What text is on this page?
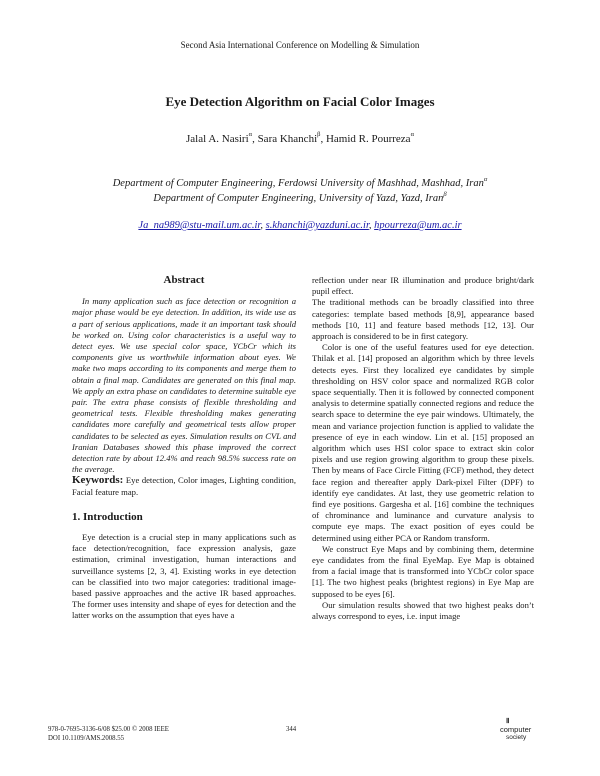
Second Asia International Conference on Modelling & Simulation
Eye Detection Algorithm on Facial Color Images
Jalal A. Nasiri$^\alpha$, Sara Khanchi$^\beta$, Hamid R. Pourreza$^\alpha$
Department of Computer Engineering, Ferdowsi University of Mashhad, Mashhad, Iran$^\alpha$
Department of Computer Engineering, University of Yazd, Yazd, Iran$^\beta$
Ja_na989@stu-mail.um.ac.ir, s.khanchi@yazduni.ac.ir, hpourreza@um.ac.ir
Abstract

In many application such as face detection or recognition a major phase would be eye detection. In addition, its wide use as a part of serious applications, made it an important task should be worked on. Using color characteristics is a useful way to detect eyes. We use special color space, YCbCr which its components give us worthwhile information about eyes. We make two maps according to its components and merge them to obtain a final map. Candidates are generated on this final map. We apply an extra phase on candidates to determine suitable eye pair. The extra phase consists of flexible thresholding and geometrical tests. Flexible thresholding makes generating candidates more carefully and geometrical tests allow proper candidates to be selected as eyes. Simulation results on CVL and Iranian Databases showed this phase improved the correct detection rate by about 12.4% and reach 98.5% success rate on the average.

Keywords: Eye detection, Color images, Lighting condition, Facial feature map.

1. Introduction

Eye detection is a crucial step in many applications such as face detection/recognition, face expression analysis, gaze estimation, criminal investigation, human interactions and surveillance systems [2, 3, 4]. Existing works in eye detection can be classified into two major categories: traditional image-based passive approaches and the active IR based approaches. The former uses intensity and shape of eyes for detection and the latter works on the assumption that eyes have a

reflection under near IR illumination and produce bright/dark pupil effect.

The traditional methods can be broadly classified into three categories: template based methods [8,9], appearance based methods [10, 11] and feature based methods [12, 13]. Our approach is considered to be in first category.

Color is one of the useful features used for eye detection. Thilak et al. [14] proposed an algorithm which by three levels detects eyes. First they localized eye candidates by simple thresholding on HSV color space and normalized RGB color space sequentially. Then it is followed by connected component analysis to determine spatially connected regions and reduce the search space to determine the eye pair windows. Ultimately, the mean and variance projection function is applied to validate the presence of eye in each window. Lin et al. [15] proposed an algorithm which uses HSI color space to extract skin color pixels and use region growing algorithm to group these pixels. Then by means of Face Circle Fitting (FCF) method, they detect face region and thereafter apply Dark-pixel Filter (DPF) to identify eye candidates. At last, they use geometric relation to find eye positions. Gargesha et al. [16] combine the techniques of chrominance and luminance and curvature analysis to compute eye maps. The exact position of eyes could be determined using either PCA or Random transform.

We construct Eye Maps and by combining them, determine eye candidates from the final EyeMap. Eye Map is obtained from a facial image that is transformed into YCbCr color space [1]. The two highest peaks (brightest regions) in Eye Map are supposed to be eyes [6].

Our simulation results showed that two highest peaks don’t always correspond to eyes, i.e. input image

978-0-7695-3136-6/08 $25.00 © 2008 IEEE
DOI 10.1109/AMS.2008.55
344
Ⅱ
computer
society
